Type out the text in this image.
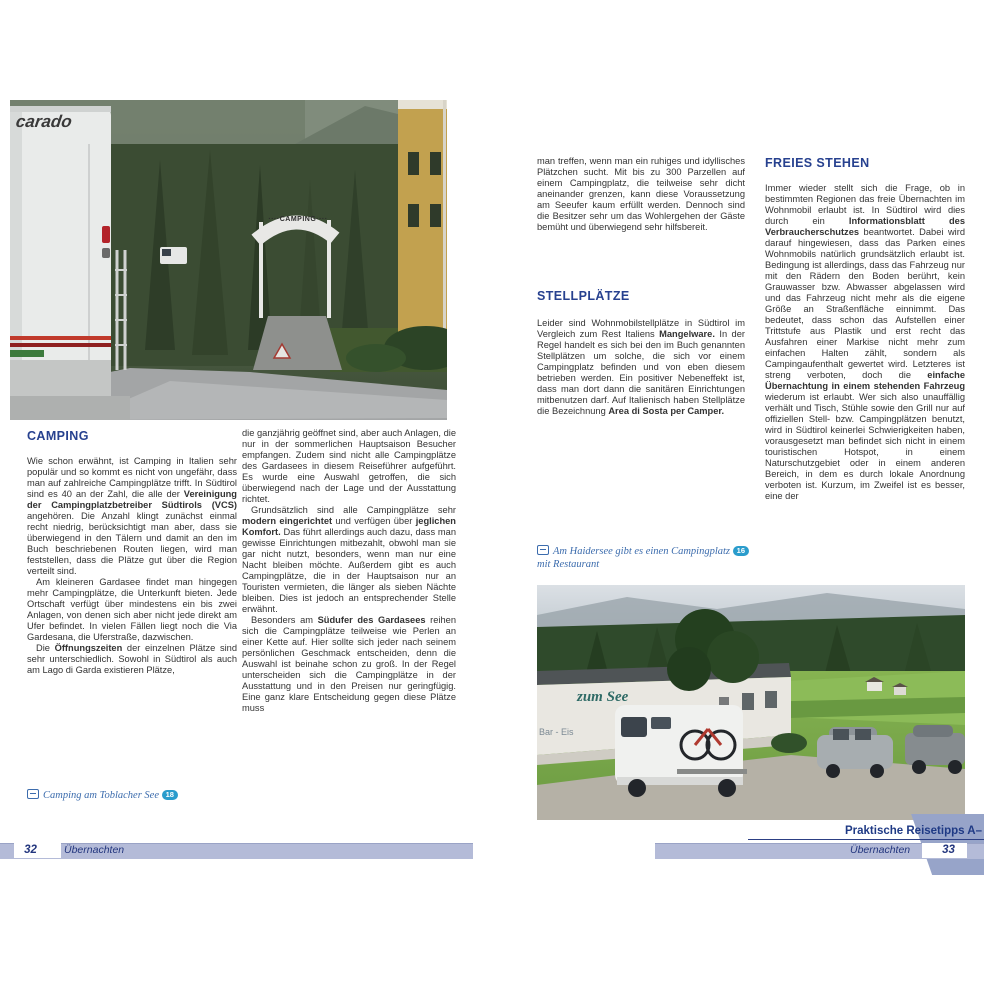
carado
····CAMPING····
CAMPING

Wie schon erwähnt, ist Camping in Italien sehr populär und so kommt es nicht von ungefähr, dass man auf zahlreiche Campingplätze trifft. In Südtirol sind es 40 an der Zahl, die alle der Vereinigung der Campingplatzbetreiber Südtirols (VCS) angehören. Die Anzahl klingt zunächst einmal recht niedrig, berücksichtigt man aber, dass sie überwiegend in den Tälern und damit an den im Buch beschriebenen Routen liegen, wird man feststellen, dass die Plätze gut über die Region verteilt sind.

Am kleineren Gardasee findet man hingegen mehr Campingplätze, die Unterkunft bieten. Jede Ortschaft verfügt über mindestens ein bis zwei Anlagen, von denen sich aber nicht jede direkt am Ufer befindet. In vielen Fällen liegt noch die Via Gardesana, die Uferstraße, dazwischen.

Die Öffnungszeiten der einzelnen Plätze sind sehr unterschiedlich. Sowohl in Südtirol als auch am Lago di Garda existieren Plätze,

die ganzjährig geöffnet sind, aber auch Anlagen, die nur in der sommerlichen Hauptsaison Besucher empfangen. Zudem sind nicht alle Campingplätze des Gardasees in diesem Reiseführer aufgeführt. Es wurde eine Auswahl getroffen, die sich überwiegend nach der Lage und der Ausstattung richtet.

Grundsätzlich sind alle Campingplätze sehr modern eingerichtet und verfügen über jeglichen Komfort. Das führt allerdings auch dazu, dass man gewisse Einrichtungen mitbezahlt, obwohl man sie gar nicht nutzt, besonders, wenn man nur eine Nacht bleiben möchte. Außerdem gibt es auch Campingplätze, die in der Hauptsaison nur an Touristen vermieten, die länger als sieben Nächte bleiben. Dies ist jedoch an entsprechender Stelle erwähnt.

Besonders am Südufer des Gardasees reihen sich die Campingplätze teilweise wie Perlen an einer Kette auf. Hier sollte sich jeder nach seinem persönlichen Geschmack entscheiden, denn die Auswahl ist beinahe schon zu groß. In der Regel unterscheiden sich die Campingplätze in der Ausstattung und in den Preisen nur geringfügig. Eine ganz klare Entscheidung gegen diese Plätze muss

Camping am Toblacher See 18
32	Übernachten

man treffen, wenn man ein ruhiges und idyllisches Plätzchen sucht. Mit bis zu 300 Parzellen auf einem Campingplatz, die teilweise sehr dicht aneinander grenzen, kann diese Voraussetzung am Seeufer kaum erfüllt werden. Dennoch sind die Besitzer sehr um das Wohlergehen der Gäste bemüht und überwiegend sehr hilfsbereit.

STELLPLÄTZE

Leider sind Wohnmobilstellplätze in Südtirol im Vergleich zum Rest Italiens Mangelware. In der Regel handelt es sich bei den im Buch genannten Stellplätzen um solche, die sich vor einem Campingplatz befinden und von eben diesem betrieben werden. Ein positiver Nebeneffekt ist, dass man dort dann die sanitären Einrichtungen mitbenutzen darf. Auf Italienisch haben Stellplätze die Bezeichnung Area di Sosta per Camper.

Am Haidersee gibt es einen Campingplatz 16
mit Restaurant
FREIES STEHEN

Immer wieder stellt sich die Frage, ob in bestimmten Regionen das freie Übernachten im Wohnmobil erlaubt ist. In Südtirol wird dies durch ein Informationsblatt des Verbraucherschutzes beantwortet. Dabei wird darauf hingewiesen, dass das Parken eines Wohnmobils natürlich grundsätzlich erlaubt ist. Bedingung ist allerdings, dass das Fahrzeug nur mit den Rädern den Boden berührt, kein Grauwasser bzw. Abwasser abgelassen wird und das Fahrzeug nicht mehr als die eigene Größe an Straßenfläche einnimmt. Das bedeutet, dass schon das Aufstellen einer Trittstufe aus Plastik und erst recht das Ausfahren einer Markise nicht mehr zum einfachen Halten zählt, sondern als Campingaufenthalt gewertet wird. Letzteres ist streng verboten, doch die einfache Übernachtung in einem stehenden Fahrzeug wiederum ist erlaubt. Wer sich also unauffällig verhält und Tisch, Stühle sowie den Grill nur auf offiziellen Stell- bzw. Campingplätzen benutzt, wird in Südtirol keinerlei Schwierigkeiten haben, vorausgesetzt man befindet sich nicht in einem touristischen Hotspot, in einem Naturschutzgebiet oder in einem anderen Bereich, in dem es durch lokale Anordnung verboten ist. Kurzum, im Zweifel ist es besser, eine der

zum See
Bar - Eis
Praktische Reisetipps A–
Übernachten	33
